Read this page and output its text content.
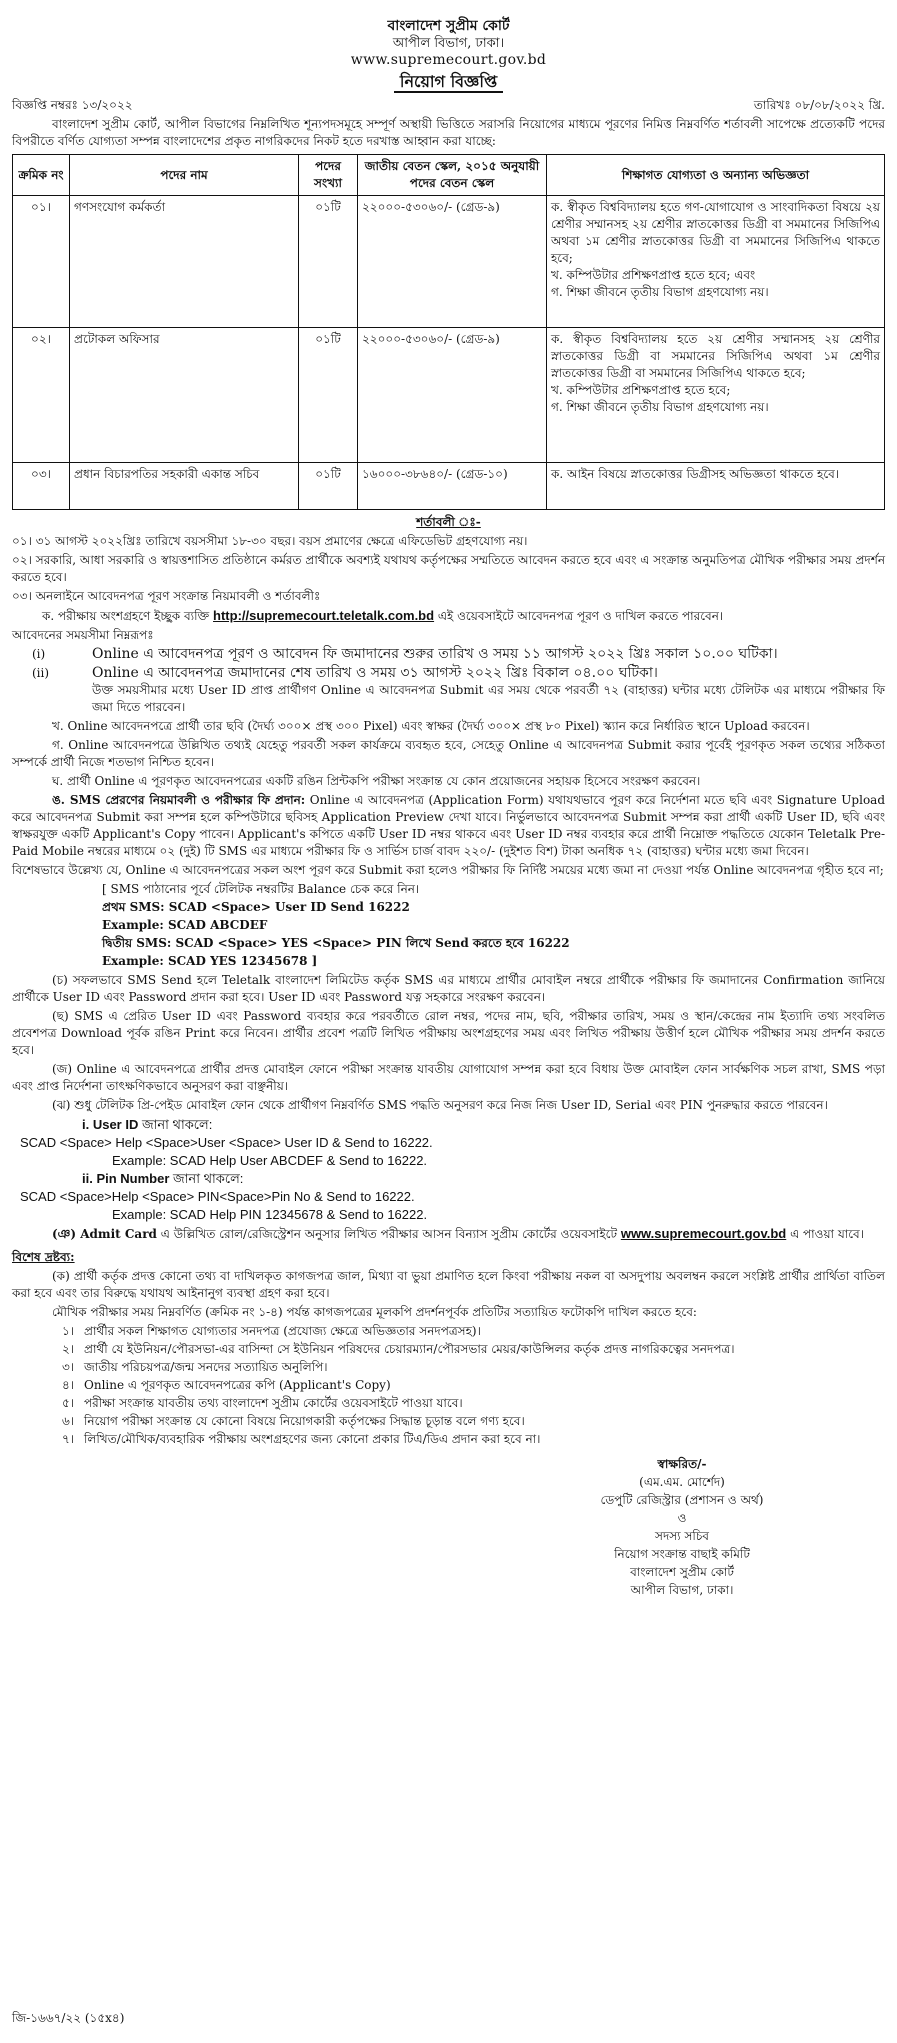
বাংলাদেশ সুপ্রীম কোর্ট
আপীল বিভাগ, ঢাকা।
www.supremecourt.gov.bd
নিয়োগ বিজ্ঞপ্তি
বিজ্ঞপ্তি নম্বরঃ ১৩/২০২২	তারিখঃ ০৮/০৮/২০২২ খ্রি.

বাংলাদেশ সুপ্রীম কোর্ট, আপীল বিভাগের নিম্নলিখিত শূন্যপদসমূহে সম্পূর্ণ অস্থায়ী ভিত্তিতে সরাসরি নিয়োগের মাধ্যমে পূরণের নিমিত্ত নিম্নবর্ণিত শর্তাবলী সাপেক্ষে প্রত্যেকটি পদের বিপরীতে বর্ণিত যোগ্যতা সম্পন্ন বাংলাদেশের প্রকৃত নাগরিকদের নিকট হতে দরখাস্ত আহ্বান করা যাচ্ছে:

ক্রমিক নং	পদের নাম	পদের সংখ্যা	জাতীয় বেতন স্কেল, ২০১৫ অনুযায়ী পদের বেতন স্কেল	শিক্ষাগত যোগ্যতা ও অন্যান্য অভিজ্ঞতা
০১।	গণসংযোগ কর্মকর্তা	০১টি	২২০০০-৫৩০৬০/- (গ্রেড-৯)	ক. স্বীকৃত বিশ্ববিদ্যালয় হতে গণ-যোগাযোগ ও সাংবাদিকতা বিষয়ে ২য় শ্রেণীর সম্মানসহ ২য় শ্রেণীর স্নাতকোত্তর ডিগ্রী বা সমমানের সিজিপিএ অথবা ১ম শ্রেণীর স্নাতকোত্তর ডিগ্রী বা সমমানের সিজিপিএ থাকতে হবে;
খ. কম্পিউটার প্রশিক্ষণপ্রাপ্ত হতে হবে; এবং
গ. শিক্ষা জীবনে তৃতীয় বিভাগ গ্রহণযোগ্য নয়।

০২।	প্রটোকল অফিসার	০১টি	২২০০০-৫৩০৬০/- (গ্রেড-৯)	ক. স্বীকৃত বিশ্ববিদ্যালয় হতে ২য় শ্রেণীর সম্মানসহ ২য় শ্রেণীর স্নাতকোত্তর ডিগ্রী বা সমমানের সিজিপিএ অথবা ১ম শ্রেণীর স্নাতকোত্তর ডিগ্রী বা সমমানের সিজিপিএ থাকতে হবে;
খ. কম্পিউটার প্রশিক্ষণপ্রাপ্ত হতে হবে;
গ. শিক্ষা জীবনে তৃতীয় বিভাগ গ্রহণযোগ্য নয়।

০৩।	প্রধান বিচারপতির সহকারী একান্ত সচিব	০১টি	১৬০০০-৩৮৬৪০/- (গ্রেড-১০)	ক. আইন বিষয়ে স্নাতকোত্তর ডিগ্রীসহ অভিজ্ঞতা থাকতে হবে।
শর্তাবলী ঃ-

০১। ৩১ আগস্ট ২০২২খ্রিঃ তারিখে বয়সসীমা ১৮-৩০ বছর। বয়স প্রমাণের ক্ষেত্রে এফিডেভিট গ্রহণযোগ্য নয়।

০২। সরকারি, আধা সরকারি ও স্বায়ত্তশাসিত প্রতিষ্ঠানে কর্মরত প্রার্থীকে অবশ্যই যথাযথ কর্তৃপক্ষের সম্মতিতে আবেদন করতে হবে এবং এ সংক্রান্ত অনুমতিপত্র মৌখিক পরীক্ষার সময় প্রদর্শন করতে হবে।

০৩। অনলাইনে আবেদনপত্র পূরণ সংক্রান্ত নিয়মাবলী ও শর্তাবলীঃ

ক. পরীক্ষায় অংশগ্রহণে ইচ্ছুক ব্যক্তি http://supremecourt.teletalk.com.bd এই ওয়েবসাইটে আবেদনপত্র পূরণ ও দাখিল করতে পারবেন।

আবেদনের সময়সীমা নিম্নরূপঃ

(i)	Online এ আবেদনপত্র পূরণ ও আবেদন ফি জমাদানের শুরুর তারিখ ও সময় ১১ আগস্ট ২০২২ খ্রিঃ সকাল ১০.০০ ঘটিকা।
(ii)	Online এ আবেদনপত্র জমাদানের শেষ তারিখ ও সময় ৩১ আগস্ট ২০২২ খ্রিঃ বিকাল ০৪.০০ ঘটিকা।
উক্ত সময়সীমার মধ্যে User ID প্রাপ্ত প্রার্থীগণ Online এ আবেদনপত্র Submit এর সময় থেকে পরবর্তী ৭২ (বাহাত্তর) ঘন্টার মধ্যে টেলিটক এর মাধ্যমে পরীক্ষার ফি জমা দিতে পারবেন।

খ. Online আবেদনপত্রে প্রার্থী তার ছবি (দৈর্ঘ্য ৩০০× প্রস্থ ৩০০ Pixel) এবং স্বাক্ষর (দৈর্ঘ্য ৩০০× প্রস্থ ৮০ Pixel) স্ক্যান করে নির্ধারিত স্থানে Upload করবেন।

গ. Online আবেদনপত্রে উল্লিখিত তথ্যই যেহেতু পরবর্তী সকল কার্যক্রমে ব্যবহৃত হবে, সেহেতু Online এ আবেদনপত্র Submit করার পূর্বেই পূরণকৃত সকল তথ্যের সঠিকতা সম্পর্কে প্রার্থী নিজে শতভাগ নিশ্চিত হবেন।

ঘ. প্রার্থী Online এ পূরণকৃত আবেদনপত্রের একটি রঙিন প্রিন্টকপি পরীক্ষা সংক্রান্ত যে কোন প্রয়োজনের সহায়ক হিসেবে সংরক্ষণ করবেন।

ঙ. SMS প্রেরণের নিয়মাবলী ও পরীক্ষার ফি প্রদান: Online এ আবেদনপত্র (Application Form) যথাযথভাবে পূরণ করে নির্দেশনা মতে ছবি এবং Signature Upload করে আবেদনপত্র Submit করা সম্পন্ন হলে কম্পিউটারে ছবিসহ Application Preview দেখা যাবে। নির্ভুলভাবে আবেদনপত্র Submit সম্পন্ন করা প্রার্থী একটি User ID, ছবি এবং স্বাক্ষরযুক্ত একটি Applicant's Copy পাবেন। Applicant's কপিতে একটি User ID নম্বর থাকবে এবং User ID নম্বর ব্যবহার করে প্রার্থী নিম্নোক্ত পদ্ধতিতে যেকোন Teletalk Pre-Paid Mobile নম্বরের মাধ্যমে ০২ (দুই) টি SMS এর মাধ্যমে পরীক্ষার ফি ও সার্ভিস চার্জ বাবদ ২২০/- (দুইশত বিশ) টাকা অনধিক ৭২ (বাহাত্তর) ঘন্টার মধ্যে জমা দিবেন।

বিশেষভাবে উল্লেখ্য যে, Online এ আবেদনপত্রের সকল অংশ পূরণ করে Submit করা হলেও পরীক্ষার ফি নির্দিষ্ট সময়ের মধ্যে জমা না দেওয়া পর্যন্ত Online আবেদনপত্র গৃহীত হবে না;

[ SMS পাঠানোর পূর্বে টেলিটক নম্বরটির Balance চেক করে নিন।
প্রথম SMS: SCAD <Space> User ID Send 16222
Example: SCAD ABCDEF
দ্বিতীয় SMS: SCAD <Space> YES <Space> PIN লিখে Send করতে হবে 16222
Example: SCAD YES 12345678 ]

(চ) সফলভাবে SMS Send হলে Teletalk বাংলাদেশ লিমিটেড কর্তৃক SMS এর মাধ্যমে প্রার্থীর মোবাইল নম্বরে প্রার্থীকে পরীক্ষার ফি জমাদানের Confirmation জানিয়ে প্রার্থীকে User ID এবং Password প্রদান করা হবে। User ID এবং Password যত্ন সহকারে সংরক্ষণ করবেন।

(ছ) SMS এ প্রেরিত User ID এবং Password ব্যবহার করে পরবর্তীতে রোল নম্বর, পদের নাম, ছবি, পরীক্ষার তারিখ, সময় ও স্থান/কেন্দ্রের নাম ইত্যাদি তথ্য সংবলিত প্রবেশপত্র Download পূর্বক রঙিন Print করে নিবেন। প্রার্থীর প্রবেশ পত্রটি লিখিত পরীক্ষায় অংশগ্রহণের সময় এবং লিখিত পরীক্ষায় উত্তীর্ণ হলে মৌখিক পরীক্ষার সময় প্রদর্শন করতে হবে।

(জ) Online এ আবেদনপত্রে প্রার্থীর প্রদত্ত মোবাইল ফোনে পরীক্ষা সংক্রান্ত যাবতীয় যোগাযোগ সম্পন্ন করা হবে বিধায় উক্ত মোবাইল ফোন সার্বক্ষণিক সচল রাখা, SMS পড়া এবং প্রাপ্ত নির্দেশনা তাৎক্ষণিকভাবে অনুসরণ করা বাঞ্ছনীয়।

(ঝ) শুধু টেলিটক প্রি-পেইড মোবাইল ফোন থেকে প্রার্থীগণ নিম্নবর্ণিত SMS পদ্ধতি অনুসরণ করে নিজ নিজ User ID, Serial এবং PIN পুনরুদ্ধার করতে পারবেন।

i. User ID জানা থাকলে:
SCAD <Space> Help <Space>User <Space> User ID & Send to 16222.
Example: SCAD Help User ABCDEF & Send to 16222.
ii. Pin Number জানা থাকলে:
SCAD <Space>Help <Space> PIN<Space>Pin No & Send to 16222.
Example: SCAD Help PIN 12345678 & Send to 16222.

(ঞ) Admit Card এ উল্লিখিত রোল/রেজিস্ট্রেশন অনুসার লিখিত পরীক্ষার আসন বিন্যাস সুপ্রীম কোর্টের ওয়েবসাইটে www.supremecourt.gov.bd এ পাওয়া যাবে।

বিশেষ দ্রষ্টব্য:

(ক) প্রার্থী কর্তৃক প্রদত্ত কোনো তথ্য বা দাখিলকৃত কাগজপত্র জাল, মিথ্যা বা ভুয়া প্রমাণিত হলে কিংবা পরীক্ষায় নকল বা অসদুপায় অবলম্বন করলে সংশ্লিষ্ট প্রার্থীর প্রার্থিতা বাতিল করা হবে এবং তার বিরুদ্ধে যথাযথ আইনানুগ ব্যবস্থা গ্রহণ করা হবে।

মৌখিক পরীক্ষার সময় নিম্নবর্ণিত (ক্রমিক নং ১-৪) পর্যন্ত কাগজপত্রের মূলকপি প্রদর্শনপূর্বক প্রতিটির সত্যায়িত ফটোকপি দাখিল করতে হবে:

১। প্রার্থীর সকল শিক্ষাগত যোগ্যতার সনদপত্র (প্রযোজ্য ক্ষেত্রে অভিজ্ঞতার সনদপত্রসহ)।
২। প্রার্থী যে ইউনিয়ন/পৌরসভা-এর বাসিন্দা সে ইউনিয়ন পরিষদের চেয়ারম্যান/পৌরসভার মেয়র/কাউন্সিলর কর্তৃক প্রদত্ত নাগরিকত্বের সনদপত্র।
৩। জাতীয় পরিচয়পত্র/জন্ম সনদের সত্যায়িত অনুলিপি।
৪। Online এ পূরণকৃত আবেদনপত্রের কপি (Applicant's Copy)
৫। পরীক্ষা সংক্রান্ত যাবতীয় তথ্য বাংলাদেশ সুপ্রীম কোর্টের ওয়েবসাইটে পাওয়া যাবে।
৬। নিয়োগ পরীক্ষা সংক্রান্ত যে কোনো বিষয়ে নিয়োগকারী কর্তৃপক্ষের সিদ্ধান্ত চূড়ান্ত বলে গণ্য হবে।
৭। লিখিত/মৌখিক/ব্যবহারিক পরীক্ষায় অংশগ্রহণের জন্য কোনো প্রকার টিএ/ডিএ প্রদান করা হবে না।
স্বাক্ষরিত/-
(এম.এম. মোর্শেদ)
ডেপুটি রেজিস্ট্রার (প্রশাসন ও অর্থ)
ও
সদস্য সচিব
নিয়োগ সংক্রান্ত বাছাই কমিটি
বাংলাদেশ সুপ্রীম কোর্ট
আপীল বিভাগ, ঢাকা।
জি-১৬৬৭/২২ (১৫x৪)
